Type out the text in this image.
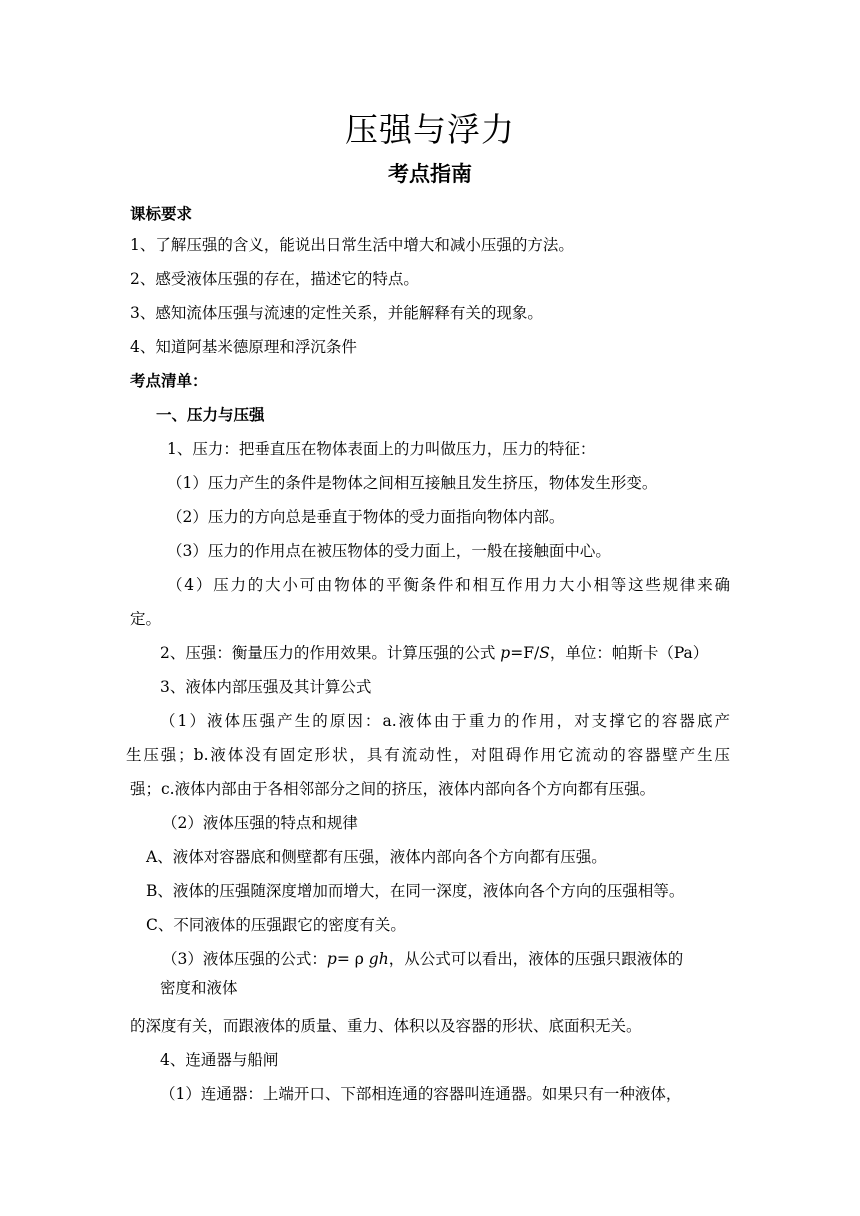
压强与浮力
考点指南
课标要求
1、了解压强的含义，能说出日常生活中增大和减小压强的方法。
2、感受液体压强的存在，描述它的特点。
3、感知流体压强与流速的定性关系，并能解释有关的现象。
4、知道阿基米德原理和浮沉条件
考点清单：
一、压力与压强
1、压力：把垂直压在物体表面上的力叫做压力，压力的特征：
（1）压力产生的条件是物体之间相互接触且发生挤压，物体发生形变。
（2）压力的方向总是垂直于物体的受力面指向物体内部。
（3）压力的作用点在被压物体的受力面上，一般在接触面中心。
（4）压力的大小可由物体的平衡条件和相互作用力大小相等这些规律来确
定。
2、压强：衡量压力的作用效果。计算压强的公式 p=F/S，单位：帕斯卡（Pa）
3、液体内部压强及其计算公式
（1）液体压强产生的原因：a.液体由于重力的作用，对支撑它的容器底产
生压强；b.液体没有固定形状，具有流动性，对阻碍作用它流动的容器壁产生压
强；c.液体内部由于各相邻部分之间的挤压，液体内部向各个方向都有压强。
（2）液体压强的特点和规律
A、液体对容器底和侧壁都有压强，液体内部向各个方向都有压强。
B、液体的压强随深度增加而增大，在同一深度，液体向各个方向的压强相等。
C、不同液体的压强跟它的密度有关。
（3）液体压强的公式：p= ρ gh，从公式可以看出，液体的压强只跟液体的
密度和液体
的深度有关，而跟液体的质量、重力、体积以及容器的形状、底面积无关。
4、连通器与船闸
（1）连通器：上端开口、下部相连通的容器叫连通器。如果只有一种液体，
